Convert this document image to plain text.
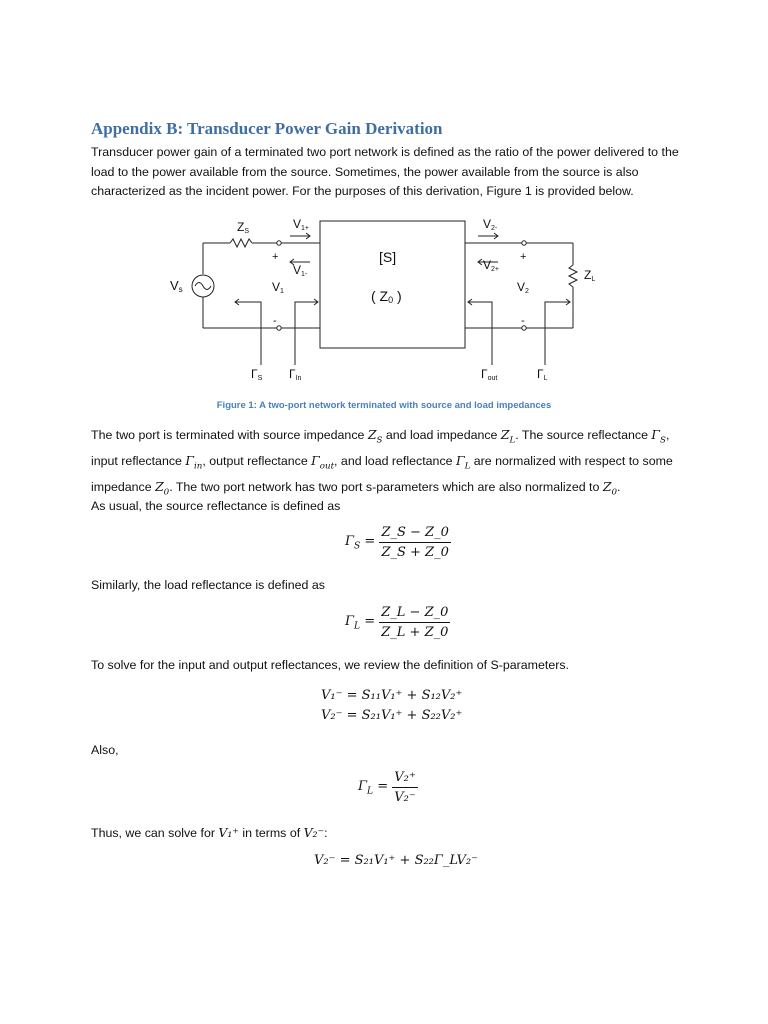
Appendix B: Transducer Power Gain Derivation

Transducer power gain of a terminated two port network is defined as the ratio of the power delivered to the load to the power available from the source. Sometimes, the power available from the source is also characterized as the incident power. For the purposes of this derivation, Figure 1 is provided below.

ZS
V1+
V1-
+
-
Vs	V1
[S]
( Z0 )
V2-
V2+
+
-
V2
ZL
ΓS ΓIn	Γout	ΓL
Figure 1: A two-port network terminated with source and load impedances

The two port is terminated with source impedance $Z_S$ and load impedance $Z_L$. The source reflectance $\Gamma_S$, input reflectance $\Gamma_{in}$, output reflectance $\Gamma_{out}$, and load reflectance $\Gamma_L$ are normalized with respect to some impedance $Z_0$. The two port network has two port s-parameters which are also normalized to $Z_0$.

As usual, the source reflectance is defined as

$\Gamma_S = \frac{Z\_S - Z\_0}{Z\_S + Z\_0}$

Similarly, the load reflectance is defined as

$\Gamma_L = \frac{Z\_L - Z\_0}{Z\_L + Z\_0}$

To solve for the input and output reflectances, we review the definition of S-parameters.

V₁⁻ = S₁₁V₁⁺ + S₁₂V₂⁺
V₂⁻ = S₂₁V₁⁺ + S₂₂V₂⁺

Also,

$\Gamma_L = \frac{\text{V₂⁺}}{\text{V₂⁻}}$

Thus, we can solve for V₁⁺ in terms of V₂⁻:

V₂⁻ = S₂₁V₁⁺ + S₂₂Γ_LV₂⁻
